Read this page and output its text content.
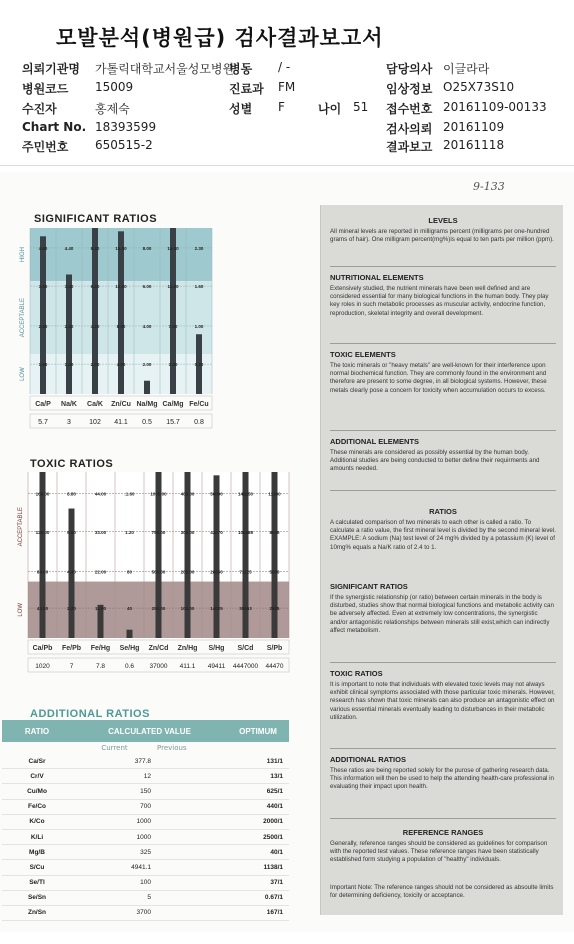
모발분석(병원급) 검사결과보고서
의뢰기관명 가톨릭대학교서울성모병원
병동 / -	담당의사 이글라라
병원코드 15009	진료과 FM	임상정보 O25X73S10
수진자	홍제숙	성별 F	나이 51 접수번호 20161109-00133
Chart No. 18393599	검사의뢰 20161109
주민번호 650515-2	결과보고 20161118
9-133
SIGNIFICANT RATIOS
HIGH
ACCEPTABLE
LOW
4.60
3.60
2.60
1.60
Ca/P
5.7
4.40
3.40
2.40
1.40
Na/K
3
8.20
6.20
4.20
2.20
Ca/K
102
15.00
12.00
8.00
4.00
Zn/Cu
41.1
8.00
6.00
4.00
2.00
Na/Mg
0.5
15.00
11.00
7.00
3.00
Ca/Mg
15.7
2.30
1.60
1.00
0.20
Fe/Cu
0.8
TOXIC RATIOS
ACCEPTABLE
LOW
168.00
126.00
84.00
42.00
Ca/Pb
1020
8.80
6.60
4.40
2.20
Fe/Pb
7
44.00
33.00
22.00
11.00
Fe/Hg
7.8
.1.60
1.20
80
40
Se/Hg
0.6
1000.00
750.00
500.00
250.00
Zn/Cd
37000
400.00
300.00
200.00
100.00
Zn/Hg
411.1
56000
42070
28050
14025
S/Hg
49411
142250
106688
71125
35563
S/Cd
4447000
11380
8535
5690
2845
S/Pb
44470
ADDITIONAL RATIOS
RATIO	CALCULATED VALUE	OPTIMUM
Current	Previous
Ca/Sr	377.8	131/1
Cr/V	12	13/1
Cu/Mo	150	625/1
Fe/Co	700	440/1
K/Co	1000	2000/1
K/Li	1000	2500/1
Mg/B	325	40/1
S/Cu	4941.1	1138/1
Se/Tl	100	37/1
Se/Sn	5	0.67/1
Zn/Sn	3700	167/1
LEVELS

All mineral levels are reported in milligrams percent (milligrams per one-hundred grams of hair). One milligram percent(mg%)is equal to ten parts per million (ppm).

NUTRITIONAL ELEMENTS

Extensively studied, the nutrient minerals have been well defined and are considered essential for many biological functions in the human body. They play key roles in such metabolic processes as muscular activity, endocrine function, reproduction, skeletal integrity and overall development.

TOXIC ELEMENTS

The toxic minerals or "heavy metals" are well-known for their interference upon normal biochemical function. They are commonly found in the environment and therefore are present to some degree, in all biological systems. However, these metals clearly pose a concern for toxicity when accumulation occurs to excess.

ADDITIONAL ELEMENTS

These minerals are considered as possibly essential by the human body. Additional studies are being conducted to better define their requirments and amounts needed.

RATIOS

A calculated comparison of two minerals to each other is called a ratio. To calculate a ratio value, the first mineral level is divided by the second mineral level. EXAMPLE: A sodium (Na) test level of 24 mg% divided by a potassium (K) level of 10mg% equals a Na/K ratio of 2.4 to 1.

SIGNIFICANT RATIOS

If the synergistic relationship (or ratio) between certain minerals in the body is disturbed, studies show that normal biological functions and metabolic activity can be adversely affected. Even at extremely low concentrations, the synergistic and/or antagonistic relationships between minerals still exist,which can indirectly affect metabolism.

TOXIC RATIOS

It is important to note that individuals with elevated toxic levels may not always exhibit clinical symptoms associated with those particular toxic minerals. However, research has shown that toxic minerals can also produce an antagonistic effect on various essential minerals eventually leading to disturbances in their metabolic utilization.

ADDITIONAL RATIOS

These ratios are being reported solely for the purose of gathering research data. This information will then be used to help the attending health-care professional in evaluating their impact upon health.

REFERENCE RANGES

Generally, reference ranges should be considered as guidelines for comparison with the reported test values. These reference ranges have been statistically established form studying a population of "healthy" individuals.

Important Note: The reference ranges should not be considered as absoulte limits for determining deficiency, toxicity or acceptance.
